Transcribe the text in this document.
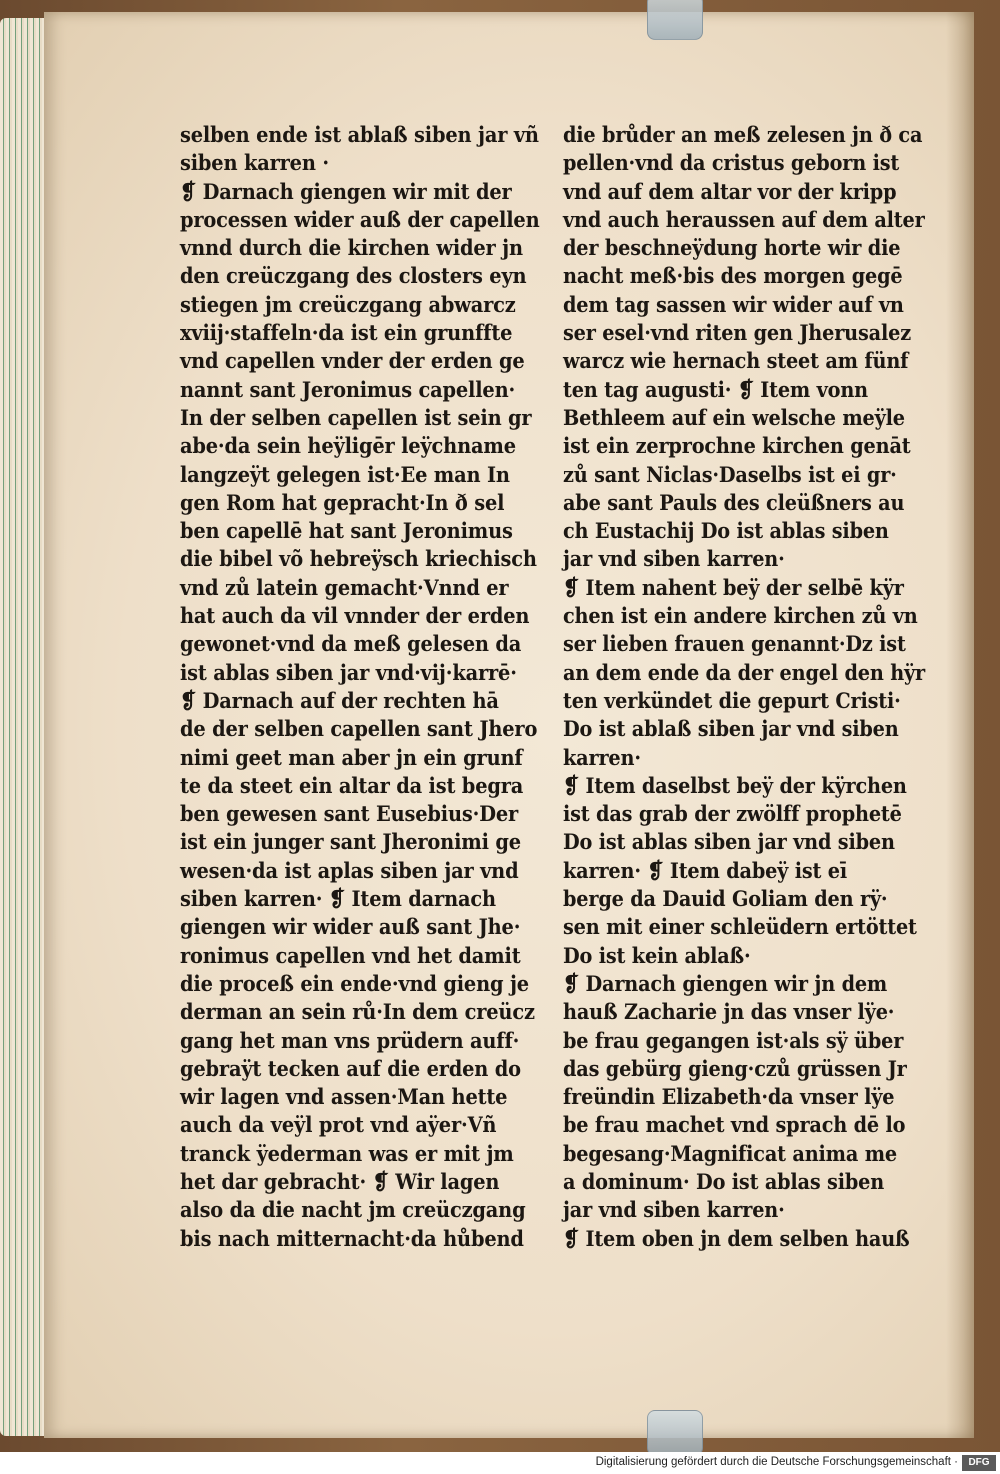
selben ende ist ablaß siben jar vñ
siben karren ·
❡ Darnach giengen wir mit der
processen wider auß der capellen
vnnd durch die kirchen wider jn
den creüczgang des closters eyn
stiegen jm creüczgang abwarcz
xviij·staffeln·da ist ein grunffte
vnd capellen vnder der erden ge
nannt sant Jeronimus capellen·
In der selben capellen ist sein gr
abe·da sein heÿligēr leÿchname
langzeÿt gelegen ist·Ee man In
gen Rom hat gepracht·In ð sel
ben capellē hat sant Jeronimus
die bibel võ hebreÿsch kriechisch
vnd zů latein gemacht·Vnnd er
hat auch da vil vnnder der erden
gewonet·vnd da meß gelesen da
ist ablas siben jar vnd·vij·karrē·
❡ Darnach auf der rechten hā
de der selben capellen sant Jhero
nimi geet man aber jn ein grunf
te da steet ein altar da ist begra
ben gewesen sant Eusebius·Der
ist ein junger sant Jheronimi ge
wesen·da ist aplas siben jar vnd
siben karren· ❡ Item darnach
giengen wir wider auß sant Jhe·
ronimus capellen vnd het damit
die proceß ein ende·vnd gieng je
derman an sein rů·In dem creücz
gang het man vns prüdern auff·
gebraÿt tecken auf die erden do
wir lagen vnd assen·Man hette
auch da veÿl prot vnd aÿer·Vñ
tranck ÿederman was er mit jm
het dar gebracht· ❡ Wir lagen
also da die nacht jm creüczgang
bis nach mitternacht·da hůbend
die brůder an meß zelesen jn ð ca
pellen·vnd da cristus geborn ist
vnd auf dem altar vor der kripp
vnd auch heraussen auf dem alter
der beschneÿdung horte wir die
nacht meß·bis des morgen gegē
dem tag sassen wir wider auf vn
ser esel·vnd riten gen Jherusalez
warcz wie hernach steet am fünf
ten tag augusti· ❡ Item vonn
Bethleem auf ein welsche meÿle
ist ein zerprochne kirchen genāt
zů sant Niclas·Daselbs ist ei gr·
abe sant Pauls des cleüßners au
ch Eustachij Do ist ablas siben
jar vnd siben karren·
❡ Item nahent beÿ der selbē kÿr
chen ist ein andere kirchen zů vn
ser lieben frauen genannt·Dz ist
an dem ende da der engel den hÿr
ten verkündet die gepurt Cristi·
Do ist ablaß siben jar vnd siben
karren·
❡ Item daselbst beÿ der kÿrchen
ist das grab der zwölff prophetē
Do ist ablas siben jar vnd siben
karren· ❡ Item dabeÿ ist eī
berge da Dauid Goliam den rÿ·
sen mit einer schleüdern ertöttet
Do ist kein ablaß·
❡ Darnach giengen wir jn dem
hauß Zacharie jn das vnser lÿe·
be frau gegangen ist·als sÿ über
das gebürg gieng·czů grüssen Jr
freündin Elizabeth·da vnser lÿe
be frau machet vnd sprach dē lo
begesang·Magnificat anima me
a dominum· Do ist ablas siben
jar vnd siben karren·
❡ Item oben jn dem selben hauß
Digitalisierung gefördert durch die Deutsche Forschungsgemeinschaft ·	DFG
